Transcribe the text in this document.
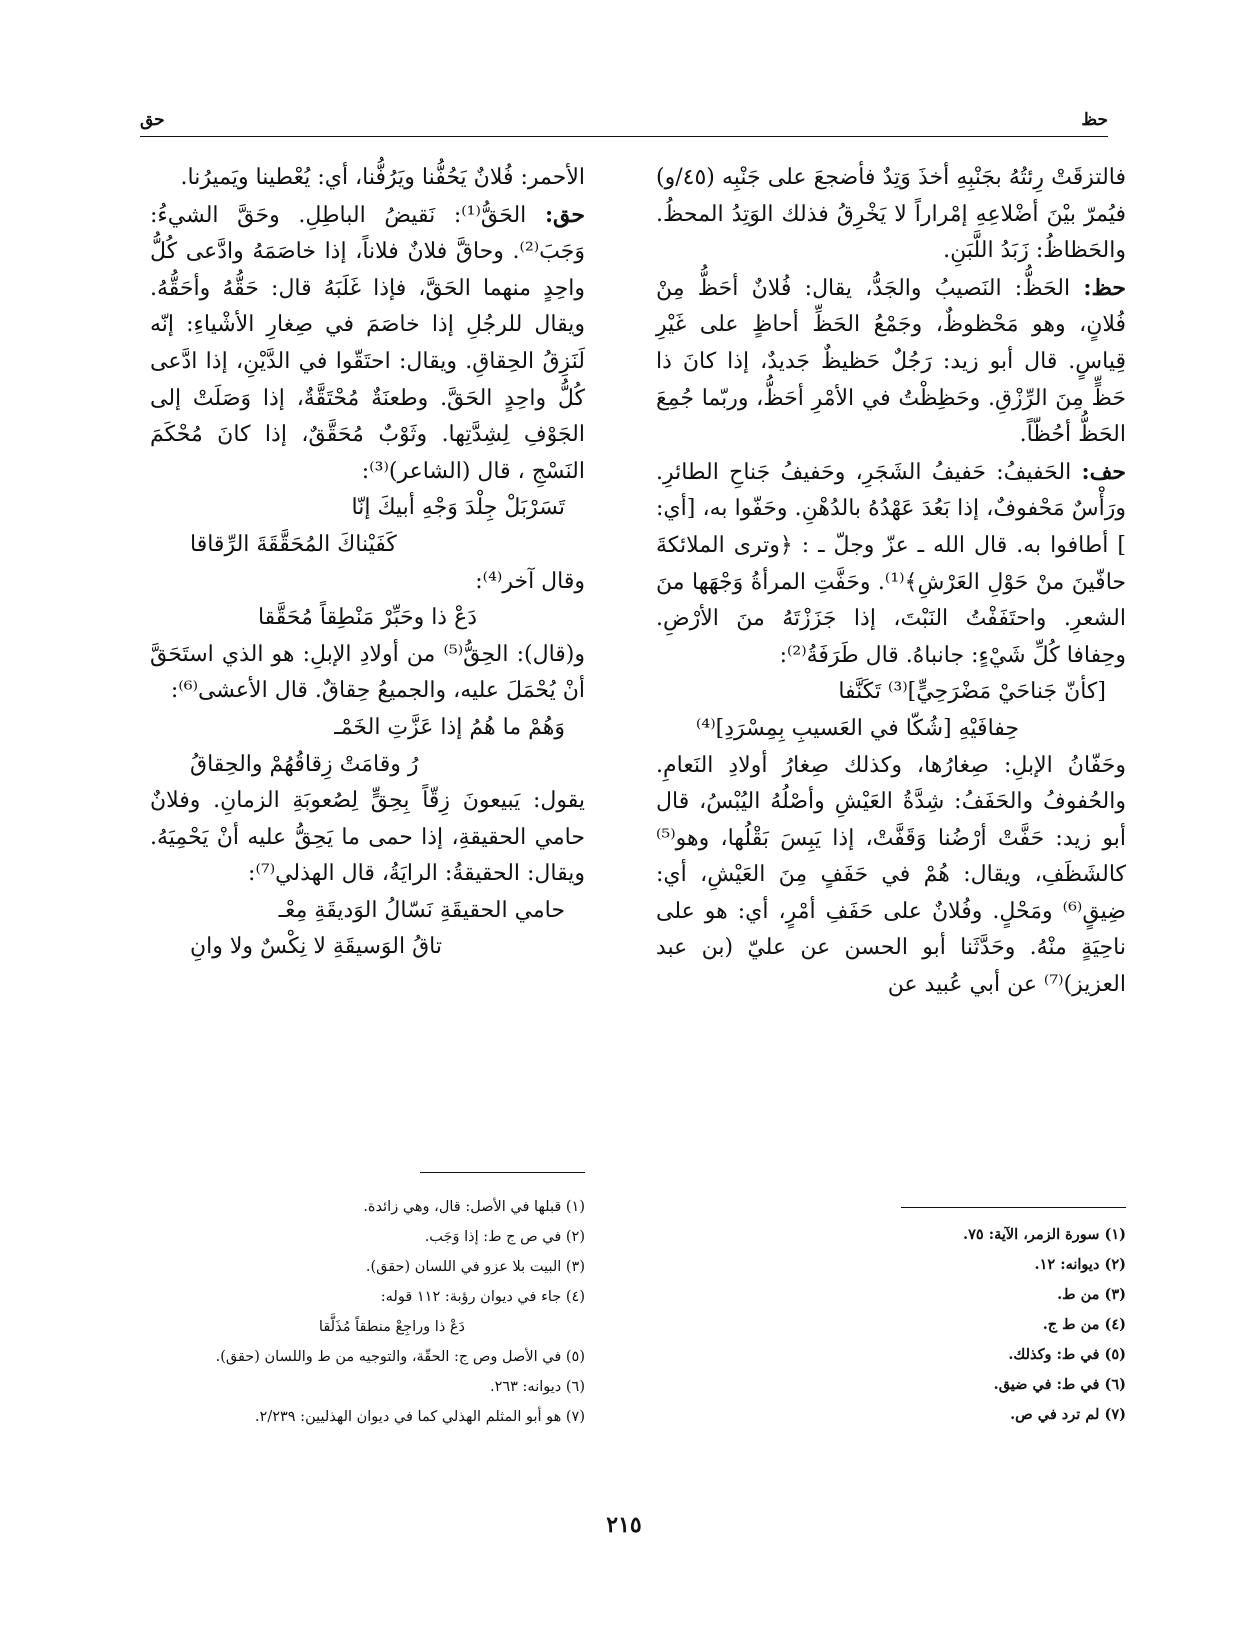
حظ
حق

فالتزقَتْ رِئتُهُ بجَنْبِهِ أخذَ وَتِدٌ فأضجعَ على جَنْبِه (٤٥/و) فيُمرّ بيْنَ أضْلاعِهِ إمْراراً لا يَخْرِقُ فذلك الوَتِدُ المحظُ. والحَظاظُ: زَبَدُ اللَّبَنِ.

حظ: الحَظُّ: النَصيبُ والجَدُّ، يقال: فُلانٌ أحَظُّ مِنْ فُلانٍ، وهو مَحْظوظٌ، وجَمْعُ الحَظِّ أحاظٍ على غَيْرِ قِياسٍ. قال أبو زيد: رَجُلٌ حَظيظٌ جَديدٌ، إذا كانَ ذا حَظٍّ مِنَ الرِّزْقِ. وحَظِظْتُ في الأمْرِ أحَظُّ، وربّما جُمِعَ الحَظُّ أحُظّاً.

حف: الحَفيفُ: حَفيفُ الشَجَرِ، وحَفيفُ جَناحِ الطائرِ. ورَأْسٌ مَحْفوفٌ، إذا بَعُدَ عَهْدُهُ بالدُهْنِ. وحَفّوا به، [أي: ] أطافوا به. قال الله ـ عزّ وجلّ ـ : ﴿وترى الملائكةَ حافّينَ منْ حَوْلِ العَرْشِ﴾⁽¹⁾. وحَفَّتِ المرأةُ وَجْهَها منَ الشعرِ. واحتَفَفْتُ النَبْتَ، إذا جَزَزْتَهُ منَ الأرْضِ. وحِفافا كُلِّ شَيْءٍ: جانباهُ. قال طَرَفَةُ⁽²⁾:

[كأنّ جَناحَيْ مَضْرَحِيٍّ]⁽³⁾ تَكَنَّفا

حِفافَيْهِ [شُكّا في العَسيبِ بِمِسْرَدِ]⁽⁴⁾

وحَفّانُ الإبلِ: صِغارُها، وكذلك صِغارُ أولادِ النَعامِ. والحُفوفُ والحَفَفُ: شِدَّةُ العَيْشِ وأصْلُهُ اليُبْسُ، قال أبو زيد: حَفَّتْ أرْضُنا وَقَفَّتْ، إذا يَبِسَ بَقْلُها، وهو⁽⁵⁾ كالشَظَفِ، ويقال: هُمْ في حَفَفٍ مِنَ العَيْشِ، أي: ضِيقٍ⁽⁶⁾ ومَحْلٍ. وفُلانٌ على حَفَفِ أمْرٍ، أي: هو على ناحِيَةٍ منْهُ. وحَدَّثَنا أبو الحسن عن عليّ (بن عبد العزيز)⁽⁷⁾ عن أبي عُبيد عن

الأحمر: فُلانٌ يَحُفُّنا ويَرُفُّنا، أي: يُعْطينا ويَميرُنا.

حق: الحَقُّ⁽¹⁾: نَقيضُ الباطِلِ. وحَقَّ الشيءُ: وَجَبَ⁽²⁾. وحاقَّ فلانٌ فلاناً، إذا خاصَمَهُ وادَّعى كُلُّ واحِدٍ منهما الحَقَّ، فإذا غَلَبَهُ قال: حَقُّهُ وأحَقُّهُ. ويقال للرجُلِ إذا خاصَمَ في صِغارِ الأشْياءِ: إنّه لَنَزِقُ الحِقاقِ. ويقال: احتَقّوا في الدَّيْنِ، إذا ادَّعى كُلُّ واحِدٍ الحَقَّ. وطعنَةٌ مُحْتَقَّةٌ، إذا وَصَلَتْ إلى الجَوْفِ لِشِدَّتِها. وثَوْبٌ مُحَقَّقٌ، إذا كانَ مُحْكَمَ النَسْجِ ، قال (الشاعر)⁽³⁾:

تَسَرْبَلْ جِلْدَ وَجْهِ أبيكَ إنّا

كَفَيْناكَ المُحَقَّقَةَ الرِّقاقا

وقال آخر⁽⁴⁾:

دَعْ ذا وحَبِّرْ مَنْطِقاً مُحَقَّقا

و(قال): الحِقُّ⁽⁵⁾ من أولادِ الإبلِ: هو الذي استَحَقَّ أنْ يُحْمَلَ عليه، والجميعُ حِقاقٌ. قال الأعشى⁽⁶⁾:

وَهُمْ ما هُمُ إذا عَزَّتِ الخَمْـ

رُ وقامَتْ زِقاقُهُمْ والحِقاقُ

يقول: يَبيعونَ زِقّاً بِحِقٍّ لِصُعوبَةِ الزمانِ. وفلانٌ حامي الحقيقةِ، إذا حمى ما يَحِقُّ عليه أنْ يَحْمِيَهُ. ويقال: الحقيقةُ: الرايَةُ، قال الهذلي⁽⁷⁾:

حامي الحقيقَةِ نَسّالُ الوَديقَةِ مِعْـ

تاقُ الوَسيقَةِ لا نِكْسٌ ولا وانِ

(١) سورة الزمر، الآية: ٧٥.
(٢) ديوانه: ١٢.
(٣) من ط.
(٤) من ط ج.
(٥) في ط: وكذلك.
(٦) في ط: في ضيق.
(٧) لم ترد في ص.
(١) قبلها في الأصل: قال، وهي زائدة.
(٢) في ص ج ط: إذا وَجَب.
(٣) البيت بلا عزو في اللسان (حقق).
(٤) جاء في ديوان رؤبة: ١١٢ قوله:
دَعْ ذا وراجِعْ منطقاً مُذَلَّقا
(٥) في الأصل وص ج: الحقّة، والتوجيه من ط واللسان (حقق).
(٦) ديوانه: ٢٦٣.
(٧) هو أبو المثلم الهذلي كما في ديوان الهذليين: ٢/٢٣٩.
٢١٥
